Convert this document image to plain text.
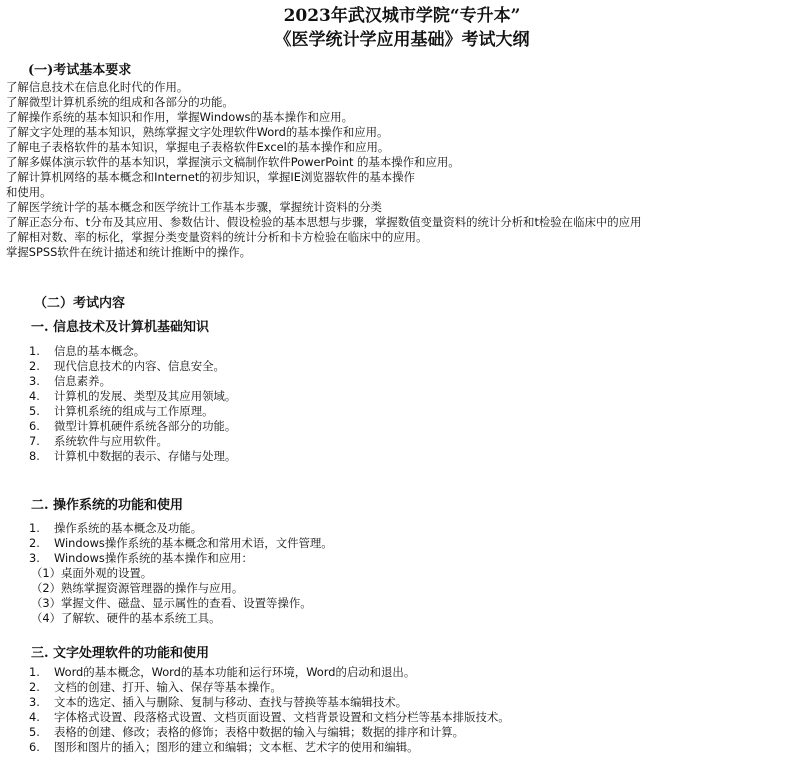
2023年武汉城市学院“专升本”
《医学统计学应用基础》考试大纲
(一)考试基本要求
了解信息技术在信息化时代的作用。
了解微型计算机系统的组成和各部分的功能。
了解操作系统的基本知识和作用，掌握Windows的基本操作和应用。
了解文字处理的基本知识，熟练掌握文字处理软件Word的基本操作和应用。
了解电子表格软件的基本知识，掌握电子表格软件Excel的基本操作和应用。
了解多媒体演示软件的基本知识，掌握演示文稿制作软件PowerPoint 的基本操作和应用。
了解计算机网络的基本概念和Internet的初步知识，掌握IE浏览器软件的基本操作
和使用。
了解医学统计学的基本概念和医学统计工作基本步骤，掌握统计资料的分类
了解正态分布、t分布及其应用、参数估计、假设检验的基本思想与步骤，掌握数值变量资料的统计分析和t检验在临床中的应用
了解相对数、率的标化，掌握分类变量资料的统计分析和卡方检验在临床中的应用。
掌握SPSS软件在统计描述和统计推断中的操作。
（二）考试内容
一. 信息技术及计算机基础知识
1. 信息的基本概念。
2. 现代信息技术的内容、信息安全。
3. 信息素养。
4. 计算机的发展、类型及其应用领域。
5. 计算机系统的组成与工作原理。
6. 微型计算机硬件系统各部分的功能。
7. 系统软件与应用软件。
8. 计算机中数据的表示、存储与处理。
二. 操作系统的功能和使用
1. 操作系统的基本概念及功能。
2. Windows操作系统的基本概念和常用术语，文件管理。
3. Windows操作系统的基本操作和应用：
（1）桌面外观的设置。
（2）熟练掌握资源管理器的操作与应用。
（3）掌握文件、磁盘、显示属性的查看、设置等操作。
（4）了解软、硬件的基本系统工具。
三. 文字处理软件的功能和使用
1. Word的基本概念，Word的基本功能和运行环境，Word的启动和退出。
2. 文档的创建、打开、输入、保存等基本操作。
3. 文本的选定、插入与删除、复制与移动、查找与替换等基本编辑技术。
4. 字体格式设置、段落格式设置、文档页面设置、文档背景设置和文档分栏等基本排版技术。
5. 表格的创建、修改；表格的修饰；表格中数据的输入与编辑；数据的排序和计算。
6. 图形和图片的插入；图形的建立和编辑；文本框、艺术字的使用和编辑。
